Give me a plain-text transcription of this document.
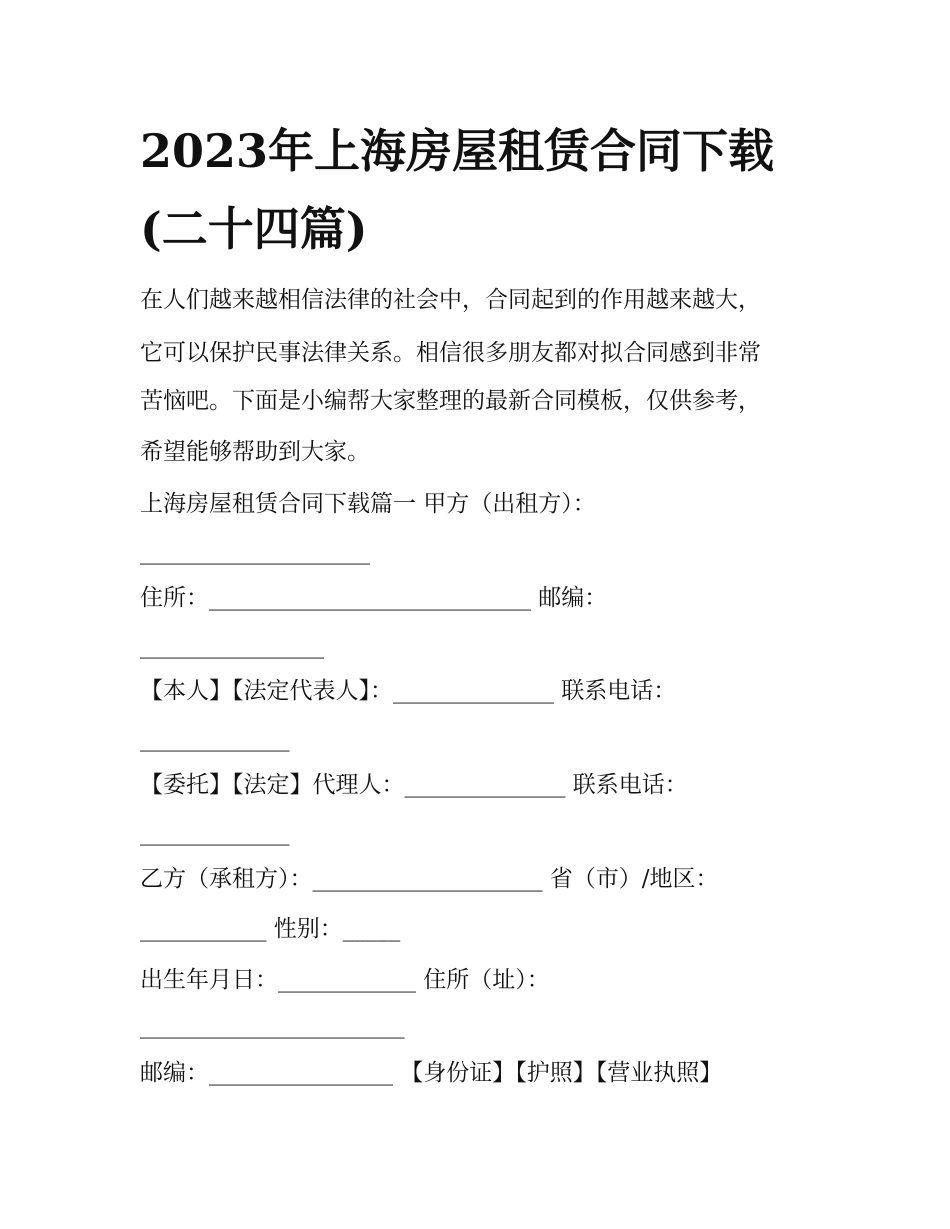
2023年上海房屋租赁合同下载
(二十四篇)

在人们越来越相信法律的社会中，合同起到的作用越来越大，

它可以保护民事法律关系。相信很多朋友都对拟合同感到非常

苦恼吧。下面是小编帮大家整理的最新合同模板，仅供参考，

希望能够帮助到大家。

上海房屋租赁合同下载篇一 甲方（出租方）：

____________________

住所：____________________________ 邮编：

________________

【本人】【法定代表人】：______________ 联系电话：

_____________

【委托】【法定】代理人：______________ 联系电话：

_____________

乙方（承租方）：____________________ 省（市）/地区：

___________ 性别：_____

出生年月日：____________ 住所（址）：

_______________________

邮编：________________ 【身份证】【护照】【营业执照】
